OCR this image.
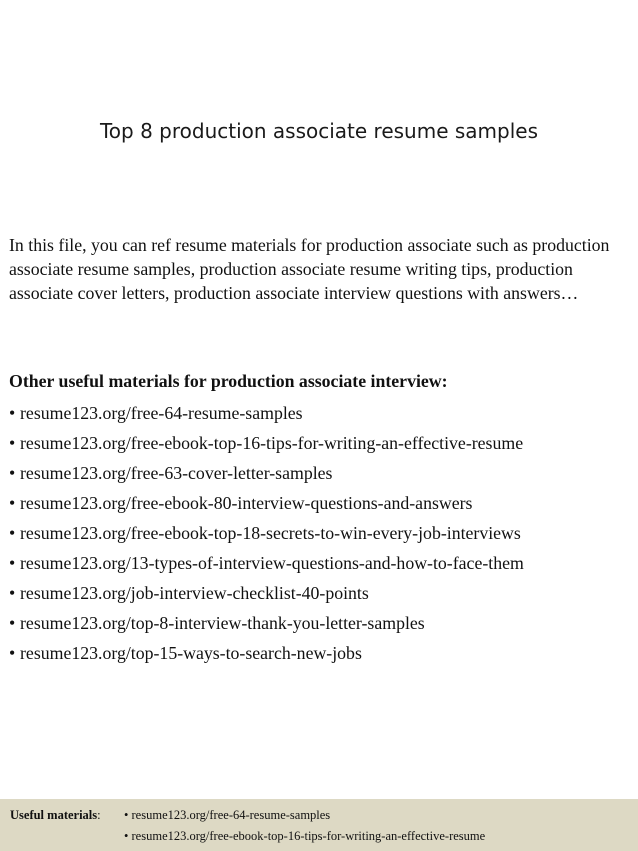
Top 8 production associate resume samples
In this file, you can ref resume materials for production associate such as production associate resume samples, production associate resume writing tips, production associate cover letters, production associate interview questions with answers…
Other useful materials for production associate interview:
• resume123.org/free-64-resume-samples
• resume123.org/free-ebook-top-16-tips-for-writing-an-effective-resume
• resume123.org/free-63-cover-letter-samples
• resume123.org/free-ebook-80-interview-questions-and-answers
• resume123.org/free-ebook-top-18-secrets-to-win-every-job-interviews
• resume123.org/13-types-of-interview-questions-and-how-to-face-them
• resume123.org/job-interview-checklist-40-points
• resume123.org/top-8-interview-thank-you-letter-samples
• resume123.org/top-15-ways-to-search-new-jobs
Useful materials: • resume123.org/free-64-resume-samples
• resume123.org/free-ebook-top-16-tips-for-writing-an-effective-resume
